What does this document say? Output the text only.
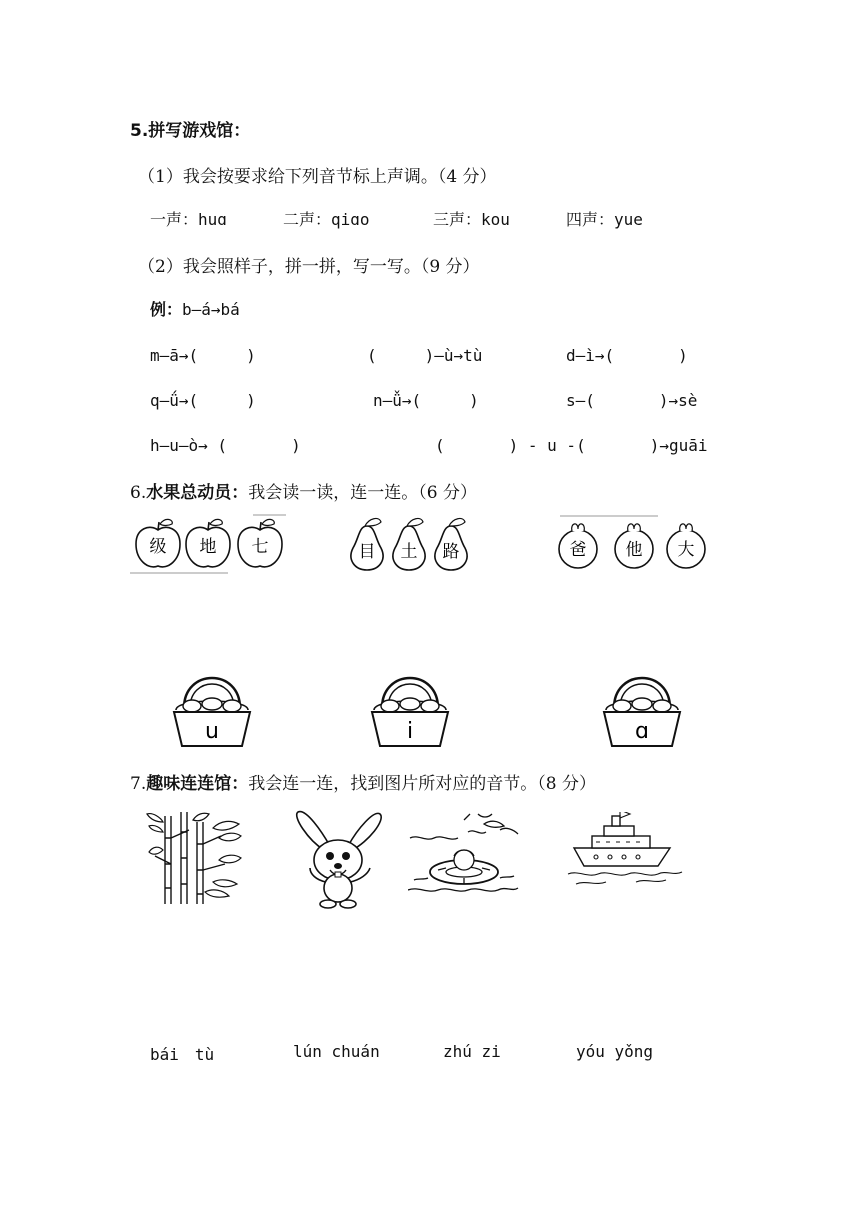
5.拼写游戏馆：
（1）我会按要求给下列音节标上声调。（4 分）
一声：huɑ	二声：qiɑo	三声：kou	四声：yue
（2）我会照样子，拼一拼，写一写。（9 分）
例：b—á→bá
m—ā→(　　　)	(　　　)—ù→tù	d—ì→(　　　　)
q—ǘ→(　　　)	n—ǚ→(　　　)	s—(　　　　)→sè
h—u—ò→ (　　　　)	(　　　　) - u -(　　　　)→guāi
6.水果总动员：我会读一读，连一连。（6 分）
级 地 七	目 土 路	爸 他 大
u	i	ɑ
7.趣味连连馆：我会连一连，找到图片所对应的音节。（8 分）
bái　tù	lún chuán	zhú zi	yóu yǒng
